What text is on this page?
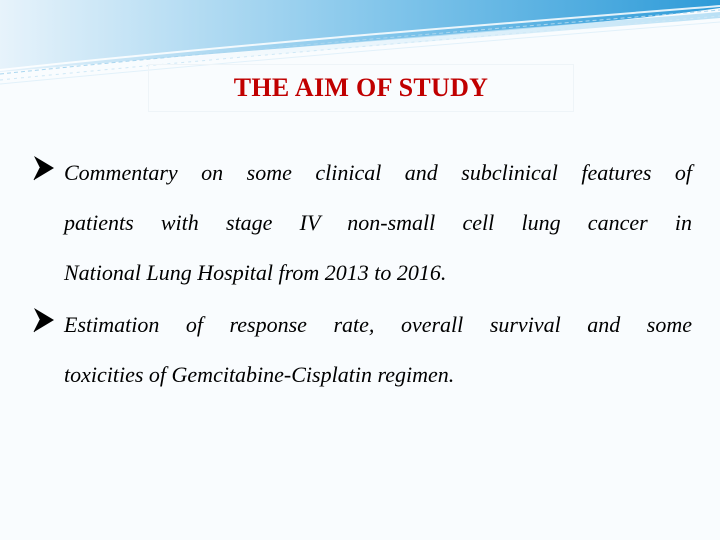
THE AIM OF STUDY
Commentary on some clinical and subclinical features of
patients with stage IV non-small cell lung cancer in
National Lung Hospital from 2013 to 2016.
Estimation of response rate, overall survival and some
toxicities of Gemcitabine-Cisplatin regimen.
